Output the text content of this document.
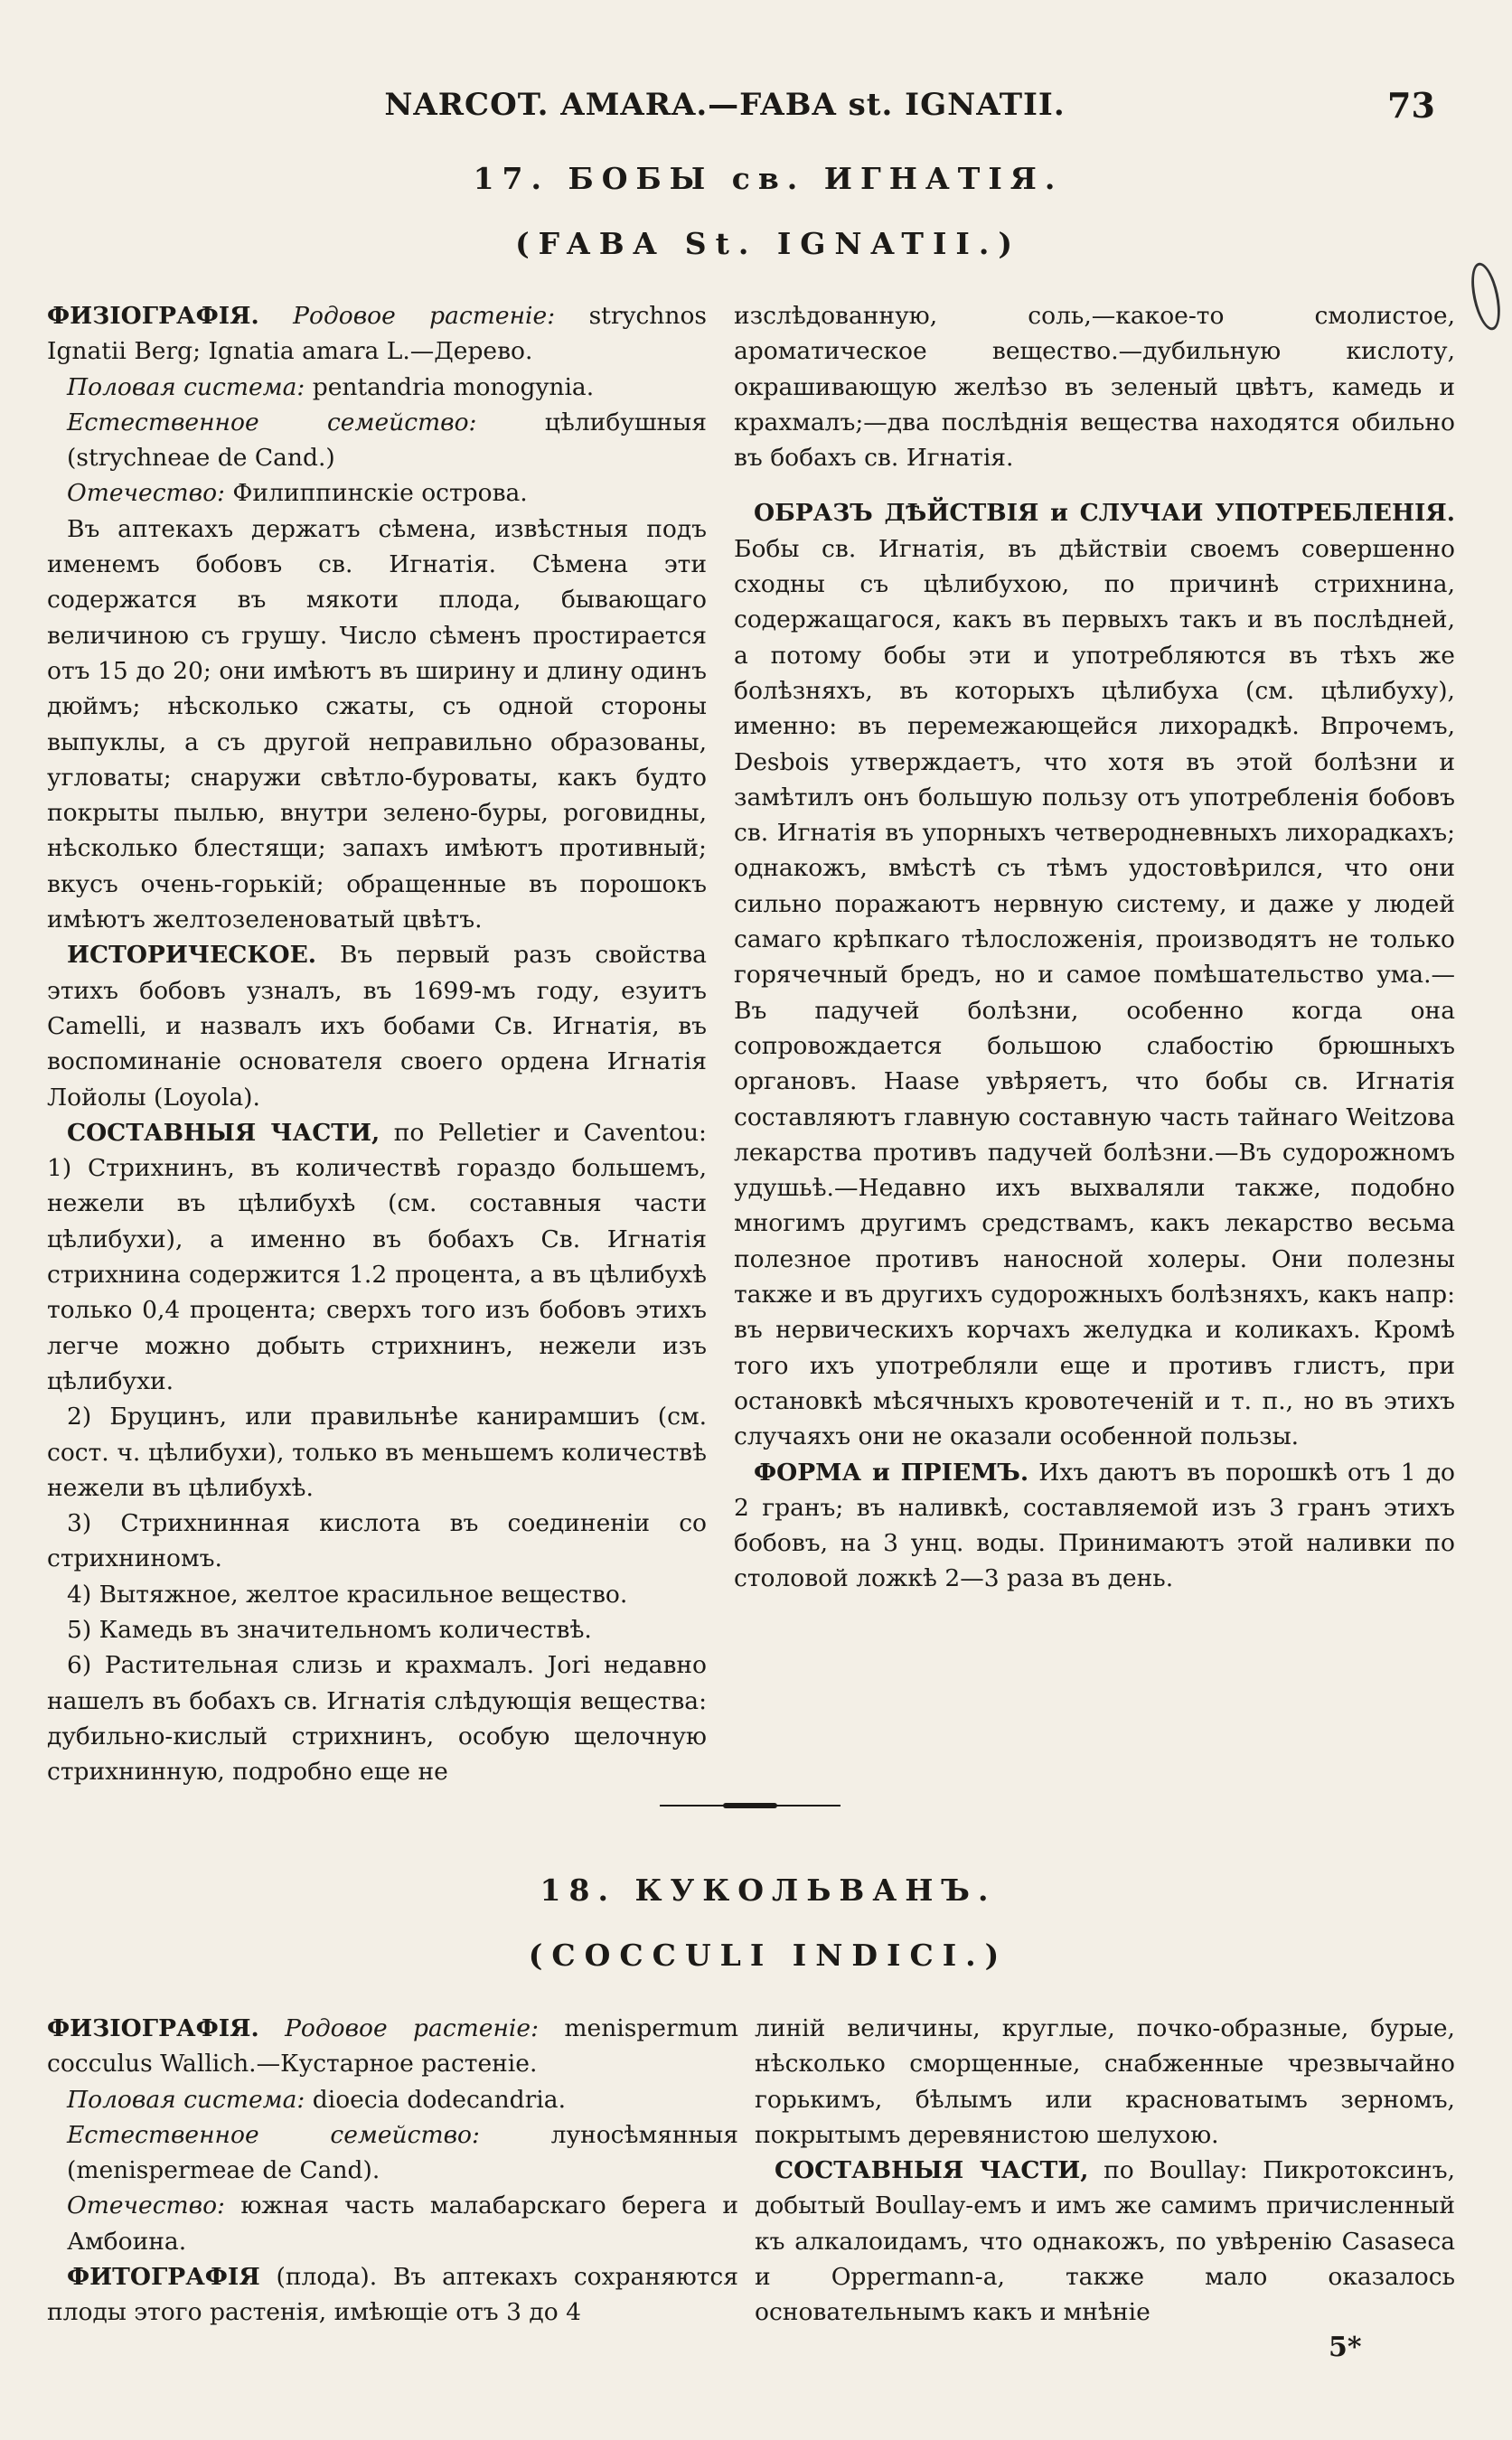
NARCOT. AMARA.—FABA st. IGNATII.	73
17. БОБЫ св. ИГНАТІЯ.
(FABA St. IGNATII.)

ФИЗIОГРАФIЯ. Родовое растенiе: strychnos Ignatii Berg; Ignatia amara L.—Дерево.

Половая система: pentandria monogynia.

Естественное семейство:	цѣлибушныя (strychneae de Cand.)

Отечество: Филиппинскiе острова.

Въ аптекахъ держатъ сѣмена, извѣстныя подъ именемъ бобовъ св. Игнатiя. Сѣмена эти содержатся въ мякоти плода, бывающаго величиною съ грушу. Число сѣменъ простирается отъ 15 до 20; они имѣютъ въ ширину и длину одинъ дюймъ; нѣсколько сжаты, съ одной стороны выпуклы, а съ другой неправильно образованы, угловаты; снаружи свѣтло-буроваты, какъ будто покрыты пылью, внутри зелено-буры, роговидны, нѣсколько блестящи; запахъ имѣютъ противный; вкусъ очень-горькiй; обращенные въ порошокъ имѣютъ желтозеленоватый цвѣтъ.

ИСТОРИЧЕСКОЕ. Въ первый разъ свойства этихъ бобовъ узналъ, въ 1699-мъ году, езуитъ Camelli, и назвалъ ихъ бобами Св. Игнатiя, въ воспоминанiе основателя своего ордена Игнатiя Лойолы (Loyola).

СОСТАВНЫЯ ЧАСТИ, по Pelletier и Caventou: 1) Стрихнинъ, въ количествѣ гораздо большемъ, нежели въ цѣлибухѣ (см. составныя части цѣлибухи), а именно въ бобахъ Св. Игнатiя стрихнина содержится 1.2 процента, а въ цѣлибухѣ только 0,4 процента; сверхъ того изъ бобовъ этихъ легче можно добыть стрихнинъ, нежели изъ цѣлибухи.

2) Бруцинъ, или правильнѣе канирамшиъ (см. сост. ч. цѣлибухи), только въ меньшемъ количествѣ нежели въ цѣлибухѣ.

3) Стрихнинная кислота въ соединенiи со стрихниномъ.

4) Вытяжное, желтое красильное вещество.

5) Камедь въ значительномъ количествѣ.

6) Растительная слизь и крахмалъ. Jori недавно нашелъ въ бобахъ св. Игнатiя слѣдующiя вещества: дубильно-кислый стрихнинъ, особую щелочную стрихнинную, подробно еще не

изслѣдованную, соль,—какое-то смолистое, ароматическое вещество.—дубильную кислоту, окрашивающую желѣзо въ зеленый цвѣтъ, камедь и крахмалъ;—два послѣднiя вещества находятся обильно въ бобахъ св. Игнатiя.

ОБРАЗЪ ДѢЙСТВIЯ и СЛУЧАИ УПОТРЕБЛЕНIЯ. Бобы св. Игнатiя, въ дѣйствiи своемъ совершенно сходны съ цѣлибухою, по причинѣ стрихнина, содержащагося, какъ въ первыхъ такъ и въ послѣдней, а потому бобы эти и употребляются въ тѣхъ же болѣзняхъ, въ которыхъ цѣлибуха (см. цѣлибуху), именно: въ перемежающейся лихорадкѣ. Впрочемъ, Desbois утверждаетъ, что хотя въ этой болѣзни и замѣтилъ онъ большую пользу отъ употребленiя бобовъ св. Игнатiя въ упорныхъ четверодневныхъ лихорадкахъ; однакожъ, вмѣстѣ съ тѣмъ удостовѣрился, что они сильно поражаютъ нервную систему, и даже у людей самаго крѣпкаго тѣлосложенiя, производятъ не только горячечный бредъ, но и самое помѣшательство ума.—Въ падучей болѣзни, особенно когда она сопровождается большою слабостiю брюшныхъ органовъ. Haase увѣряетъ, что бобы св. Игнатiя составляютъ главную составную часть тайнаго Weitzова лекарства противъ падучей болѣзни.—Въ судорожномъ удушьѣ.—Недавно ихъ выхваляли также, подобно многимъ другимъ средствамъ, какъ лекарство весьма полезное противъ наносной холеры. Они полезны также и въ другихъ судорожныхъ болѣзняхъ, какъ напр: въ нервическихъ корчахъ желудка и коликахъ. Кромѣ того ихъ употребляли еще и противъ глистъ, при остановкѣ мѣсячныхъ кровотеченiй и т. п., но въ этихъ случаяхъ они не оказали особенной пользы.

ФОРМА и ПРIЕМЪ. Ихъ даютъ въ порошкѣ отъ 1 до 2 гранъ; въ наливкѣ, составляемой изъ 3 гранъ этихъ бобовъ, на 3 унц. воды. Принимаютъ этой наливки по столовой ложкѣ 2—3 раза въ день.

18. КУКОЛЬВАНЪ.
(COCCULI INDICI.)

ФИЗIОГРАФIЯ. Родовое растенiе: menispermum cocculus Wallich.—Кустарное растенiе.

Половая система: dioecia dodecandria.

Естественное семейство:	луносѣмянныя (menispermeae de Cand).

Отечество: южная часть малабарскаго берега и Амбоина.

ФИТОГРАФIЯ (плода). Въ аптекахъ сохраняются плоды этого растенiя, имѣющiе отъ 3 до 4

линiй величины, круглые, почко-образные, бурые, нѣсколько сморщенные, снабженные чрезвычайно горькимъ, бѣлымъ или красноватымъ зерномъ, покрытымъ деревянистою шелухою.

СОСТАВНЫЯ ЧАСТИ, по Boullay: Пикротоксинъ, добытый Boullay-емъ и имъ же самимъ причисленный къ алкалоидамъ, что однакожъ, по увѣренiю Casaseca и Oppermann-а, также мало оказалось основательнымъ какъ и мнѣнiе

5*
